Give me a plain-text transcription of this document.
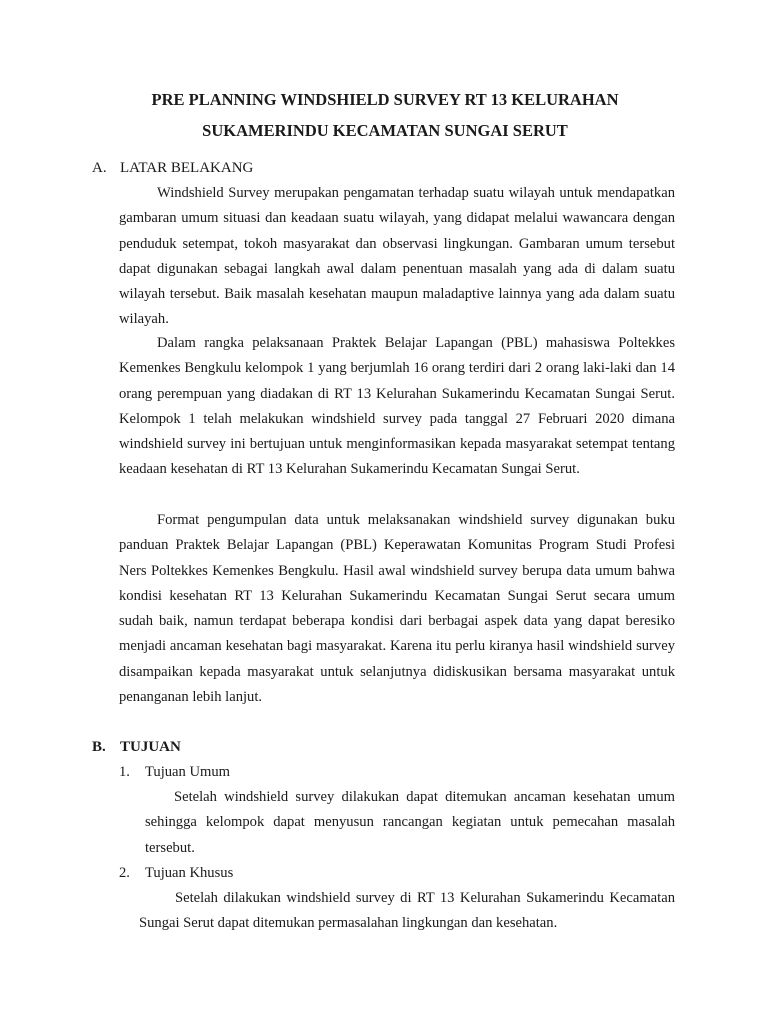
PRE PLANNING WINDSHIELD SURVEY RT 13 KELURAHAN
SUKAMERINDU KECAMATAN SUNGAI SERUT
A. LATAR BELAKANG

Windshield Survey merupakan pengamatan terhadap suatu wilayah untuk mendapatkan gambaran umum situasi dan keadaan suatu wilayah, yang didapat melalui wawancara dengan penduduk setempat, tokoh masyarakat dan observasi lingkungan. Gambaran umum tersebut dapat digunakan sebagai langkah awal dalam penentuan masalah yang ada di dalam suatu wilayah tersebut. Baik masalah kesehatan maupun maladaptive lainnya yang ada dalam suatu wilayah.

Dalam rangka pelaksanaan Praktek Belajar Lapangan (PBL) mahasiswa Poltekkes Kemenkes Bengkulu kelompok 1 yang berjumlah 16 orang terdiri dari 2 orang laki-laki dan 14 orang perempuan yang diadakan di RT 13 Kelurahan Sukamerindu Kecamatan Sungai Serut. Kelompok 1 telah melakukan windshield survey pada tanggal 27 Februari 2020 dimana windshield survey ini bertujuan untuk menginformasikan kepada masyarakat setempat tentang keadaan kesehatan di RT 13 Kelurahan Sukamerindu Kecamatan Sungai Serut.

Format pengumpulan data untuk melaksanakan windshield survey digunakan buku panduan Praktek Belajar Lapangan (PBL) Keperawatan Komunitas Program Studi Profesi Ners Poltekkes Kemenkes Bengkulu. Hasil awal windshield survey berupa data umum bahwa kondisi kesehatan RT 13 Kelurahan Sukamerindu Kecamatan Sungai Serut secara umum sudah baik, namun terdapat beberapa kondisi dari berbagai aspek data yang dapat beresiko menjadi ancaman kesehatan bagi masyarakat. Karena itu perlu kiranya hasil windshield survey disampaikan kepada masyarakat untuk selanjutnya didiskusikan bersama masyarakat untuk penanganan lebih lanjut.

B. TUJUAN
1. Tujuan Umum

Setelah windshield survey dilakukan dapat ditemukan ancaman kesehatan umum sehingga kelompok dapat menyusun rancangan kegiatan untuk pemecahan masalah tersebut.

2. Tujuan Khusus

Setelah dilakukan windshield survey di RT 13 Kelurahan Sukamerindu Kecamatan Sungai Serut dapat ditemukan permasalahan lingkungan dan kesehatan.
